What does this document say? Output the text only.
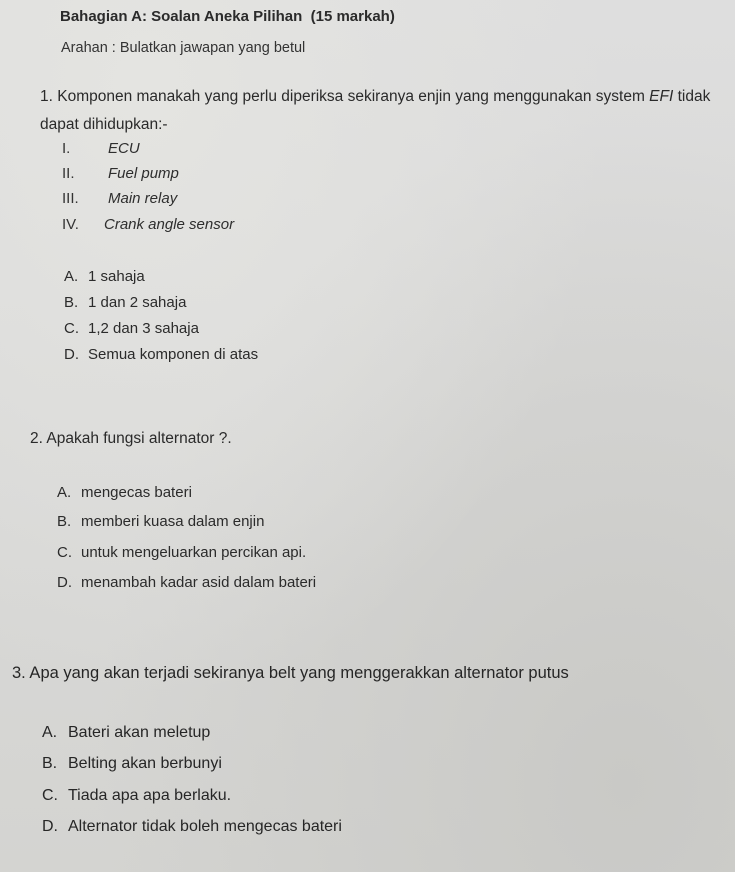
Bahagian A: Soalan Aneka Pilihan (15 markah)
Arahan : Bulatkan jawapan yang betul
1. Komponen manakah yang perlu diperiksa sekiranya enjin yang menggunakan system EFI tidak
dapat dihidupkan:-
I.	ECU
II. Fuel pump
III. Main relay
IV. Crank angle sensor
A. 1 sahaja
B. 1 dan 2 sahaja
C. 1,2 dan 3 sahaja
D. Semua komponen di atas
2. Apakah fungsi alternator ?.
A. mengecas bateri
B. memberi kuasa dalam enjin
C. untuk mengeluarkan percikan api.
D. menambah kadar asid dalam bateri
3. Apa yang akan terjadi sekiranya belt yang menggerakkan alternator putus
A. Bateri akan meletup
B. Belting akan berbunyi
C. Tiada apa apa berlaku.
D. Alternator tidak boleh mengecas bateri
